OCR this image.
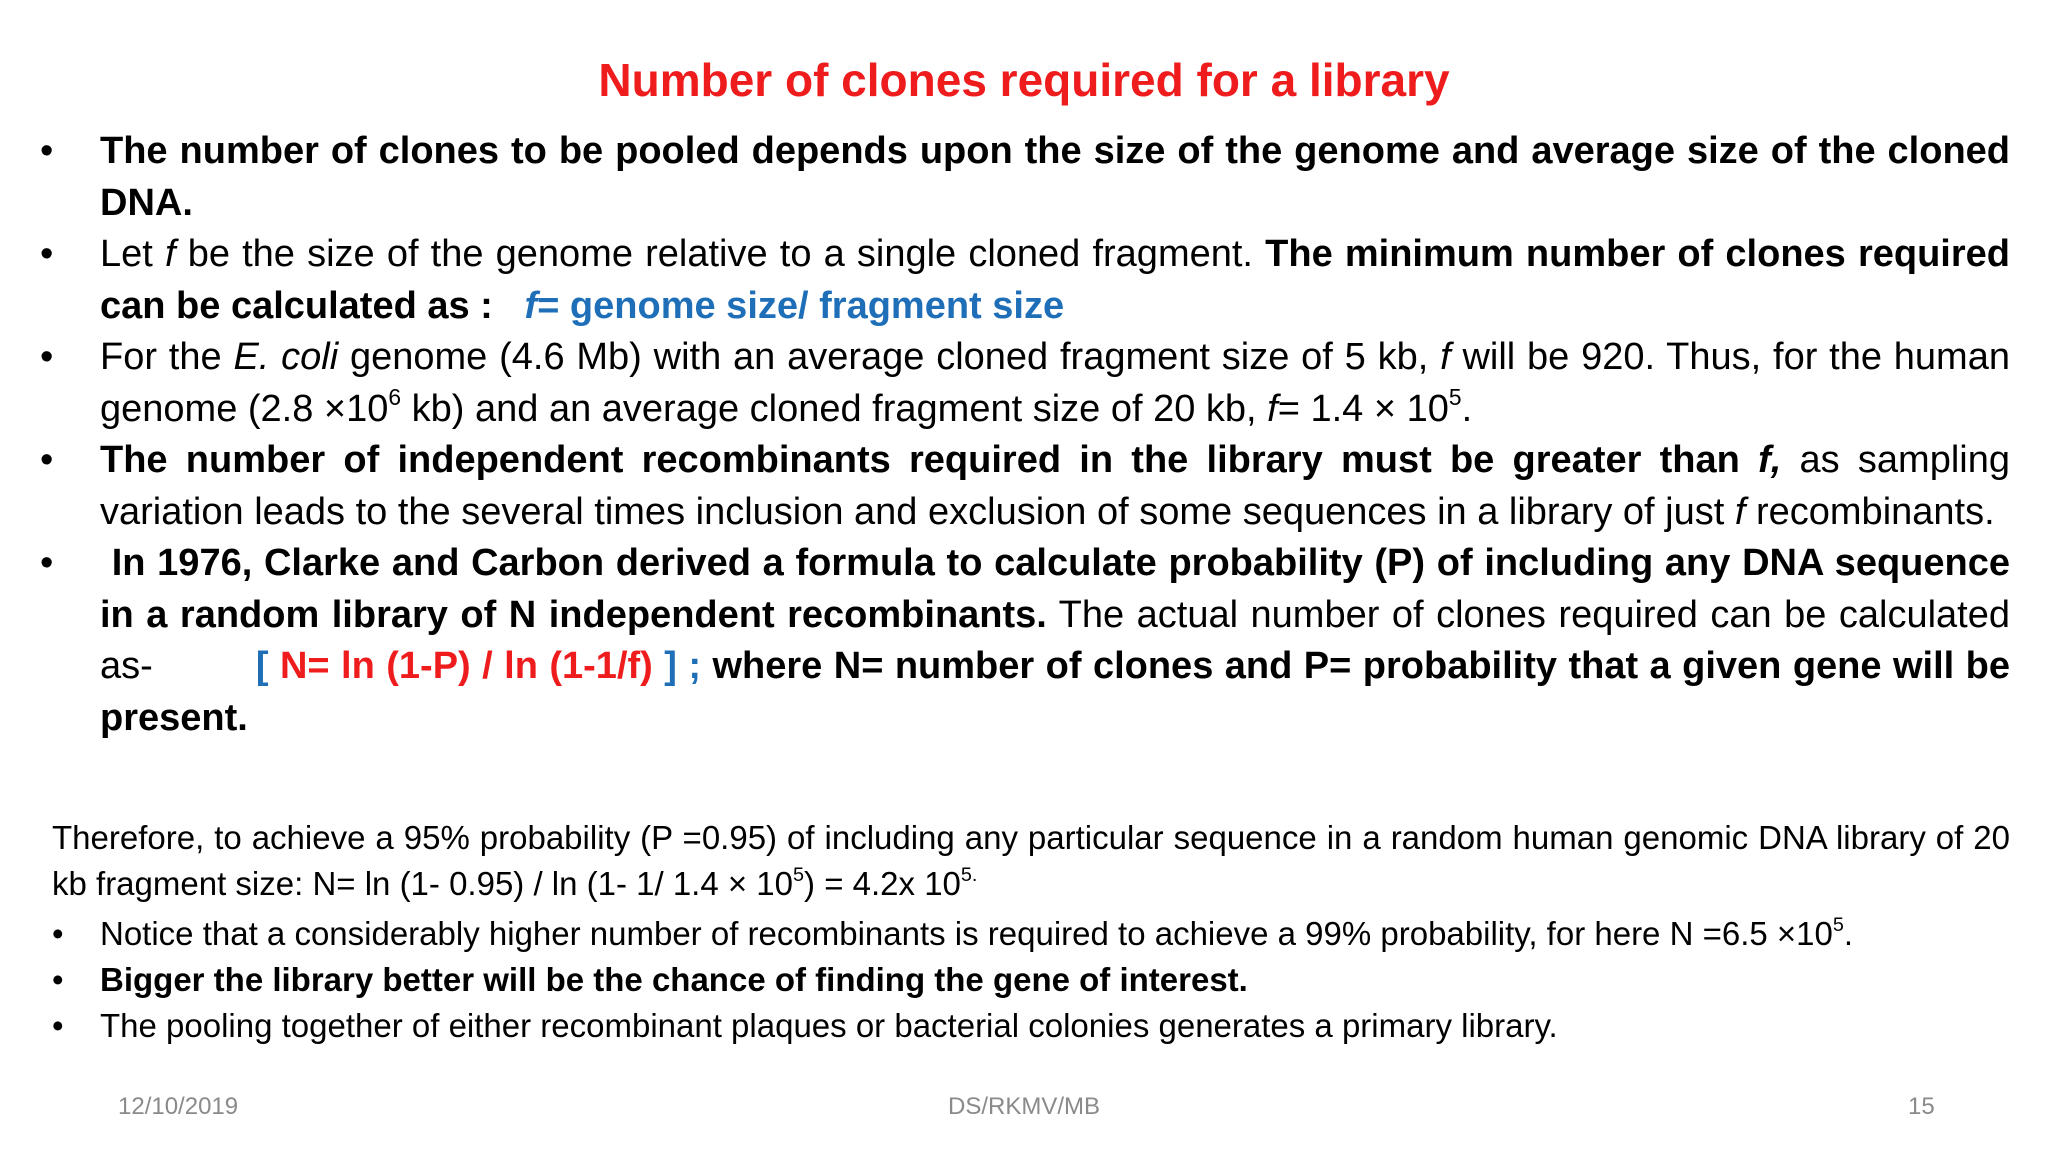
Number of clones required for a library
•	The number of clones to be pooled depends upon the size of the genome and average size of the cloned DNA.
•	Let f be the size of the genome relative to a single cloned fragment. The minimum number of clones required can be calculated as : f= genome size/ fragment size
•	For the E. coli genome (4.6 Mb) with an average cloned fragment size of 5 kb, f will be 920. Thus, for the human genome ($2.8 \times 10^6$ kb) and an average cloned fragment size of 20 kb, $f= 1.4 \times 10^5$.
•	The number of independent recombinants required in the library must be greater than f, as sampling variation leads to the several times inclusion and exclusion of some sequences in a library of just f recombinants.
•	In 1976, Clarke and Carbon derived a formula to calculate probability (P) of including any DNA sequence in a random library of N independent recombinants. The actual number of clones required can be calculated as-	[ N= ln (1-P) / ln (1-1/f) ] ; where N= number of clones and P= probability that a given gene will be present.
Therefore, to achieve a 95% probability (P =0.95) of including any particular sequence in a random human genomic DNA library of 20 kb fragment size: N= ln (1- 0.95) / ln (1- 1/ $1.4 \times 10^5) = 4.2x$ $10^{5.}$
•	Notice that a considerably higher number of recombinants is required to achieve a 99% probability, for here $N =6.5 \times 10^5$.
•	Bigger the library better will be the chance of finding the gene of interest.
•	The pooling together of either recombinant plaques or bacterial colonies generates a primary library.
12/10/2019	DS/RKMV/MB	15
